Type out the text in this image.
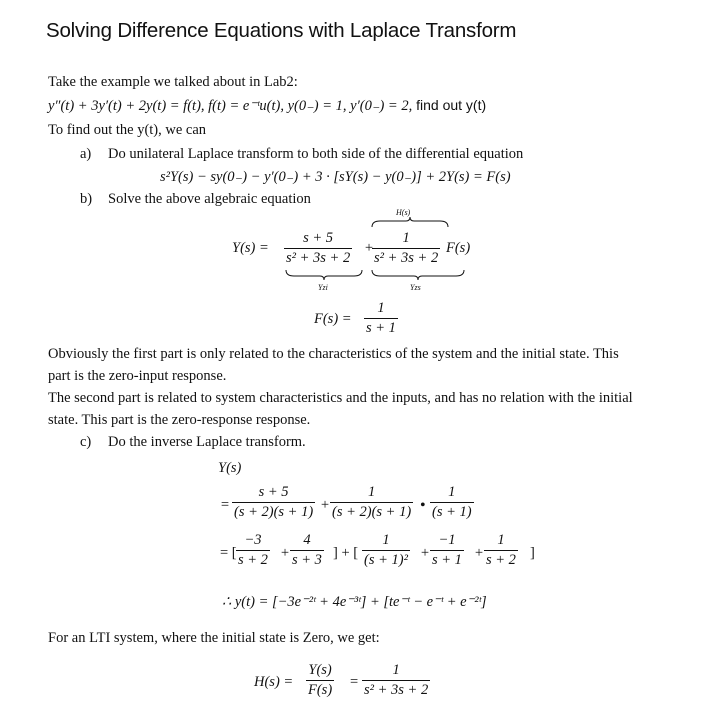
Solving Difference Equations with Laplace Transform
Take the example we talked about in Lab2:
y″(t) + 3y′(t) + 2y(t) = f(t), f(t) = e⁻ᵗu(t), y(0₋) = 1, y′(0₋) = 2, find out y(t)
To find out the y(t), we can
a) Do unilateral Laplace transform to both side of the differential equation
s²Y(s) − sy(0₋) − y′(0₋) + 3 · [sY(s) − y(0₋)] + 2Y(s) = F(s)
b) Solve the above algebraic equation
Y(s) =
s + 5
s² + 3s + 2
+
1
s² + 3s + 2
F(s)
H(s)
Yzi	Yzs
F(s) =
1
s + 1
Obviously the first part is only related to the characteristics of the system and the initial state. This
part is the zero-input response.
The second part is related to system characteristics and the inputs, and has no relation with the initial
state. This part is the zero-response response.
c) Do the inverse Laplace transform.
Y(s)
=
s + 5
(s + 2)(s + 1) +
1
(s + 2)(s + 1) •
1
(s + 1)
= [
−3
s + 2 +
4
s + 3 ] + [
1
(s + 1)² +
−1
s + 1 +
1
s + 2 ]
∴ y(t) = [−3e⁻²ᵗ + 4e⁻³ᵗ] + [te⁻ᵗ − e⁻ᵗ + e⁻²ᵗ]
For an LTI system, where the initial state is Zero, we get:
H(s) =
Y(s)
F(s) =
1
s² + 3s + 2
